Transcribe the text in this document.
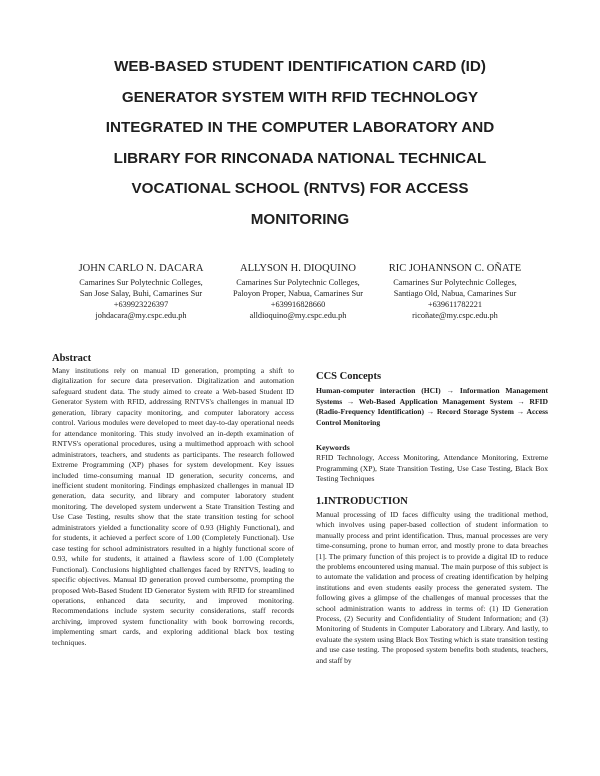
WEB-BASED STUDENT IDENTIFICATION CARD (ID)
GENERATOR SYSTEM WITH RFID TECHNOLOGY
INTEGRATED IN THE COMPUTER LABORATORY AND
LIBRARY FOR RINCONADA NATIONAL TECHNICAL
VOCATIONAL SCHOOL (RNTVS) FOR ACCESS
MONITORING
JOHN CARLO N. DACARA
Camarines Sur Polytechnic Colleges,
San Jose Salay, Buhi, Camarines Sur
+639923226397
johdacara@my.cspc.edu.ph
ALLYSON H. DIOQUINO
Camarines Sur Polytechnic Colleges,
Paloyon Proper, Nabua, Camarines Sur
+639916828660
alldioquino@my.cspc.edu.ph
RIC JOHANNSON C. OÑATE
Camarines Sur Polytechnic Colleges,
Santiago Old, Nabua, Camarines Sur
+639611782221
ricoñate@my.cspc.edu.ph
Abstract

Many institutions rely on manual ID generation, prompting a shift to digitalization for secure data preservation. Digitalization and automation safeguard student data. The study aimed to create a Web-based Student ID Generator System with RFID, addressing RNTVS's challenges in manual ID generation, library capacity monitoring, and computer laboratory access control. Various modules were developed to meet day-to-day operational needs for attendance monitoring. This study involved an in-depth examination of RNTVS's operational procedures, using a multimethod approach with school administrators, teachers, and students as participants. The research followed Extreme Programming (XP) phases for system development. Key issues included time-consuming manual ID generation, security concerns, and inefficient student monitoring. Findings emphasized challenges in manual ID generation, data security, and library and computer laboratory student monitoring. The developed system underwent a State Transition Testing and Use Case Testing, results show that the state transition testing for school administrators yielded a functionality score of 0.93 (Highly Functional), and for students, it achieved a perfect score of 1.00 (Completely Functional). Use case testing for school administrators resulted in a highly functional score of 0.93, while for students, it attained a flawless score of 1.00 (Completely Functional). Conclusions highlighted challenges faced by RNTVS, leading to specific objectives. Manual ID generation proved cumbersome, prompting the proposed Web-Based Student ID Generator System with RFID for streamlined operations, enhanced data security, and improved monitoring. Recommendations include system security considerations, staff records archiving, improved system functionality with book borrowing records, implementing smart cards, and exploring additional black box testing techniques.

CCS Concepts

Human-computer interaction (HCI) → Information Management Systems → Web-Based Application Management System → RFID (Radio-Frequency Identification) → Record Storage System → Access Control Monitoring

Keywords

RFID Technology, Access Monitoring, Attendance Monitoring, Extreme Programming (XP), State Transition Testing, Use Case Testing, Black Box Testing Techniques

1.INTRODUCTION

Manual processing of ID faces difficulty using the traditional method, which involves using paper-based collection of student information to manually process and print identification. Thus, manual processes are very time-consuming, prone to human error, and mostly prone to data breaches [1]. The primary function of this project is to provide a digital ID to reduce the problems encountered using manual. The main purpose of this subject is to automate the validation and process of creating identification by helping institutions and even students easily process the generated system. The following gives a glimpse of the challenges of manual processes that the school administration wants to address in terms of: (1) ID Generation Process, (2) Security and Confidentiality of Student Information; and (3) Monitoring of Students in Computer Laboratory and Library. And lastly, to evaluate the system using Black Box Testing which is state transition testing and use case testing. The proposed system benefits both students, teachers, and staff by
